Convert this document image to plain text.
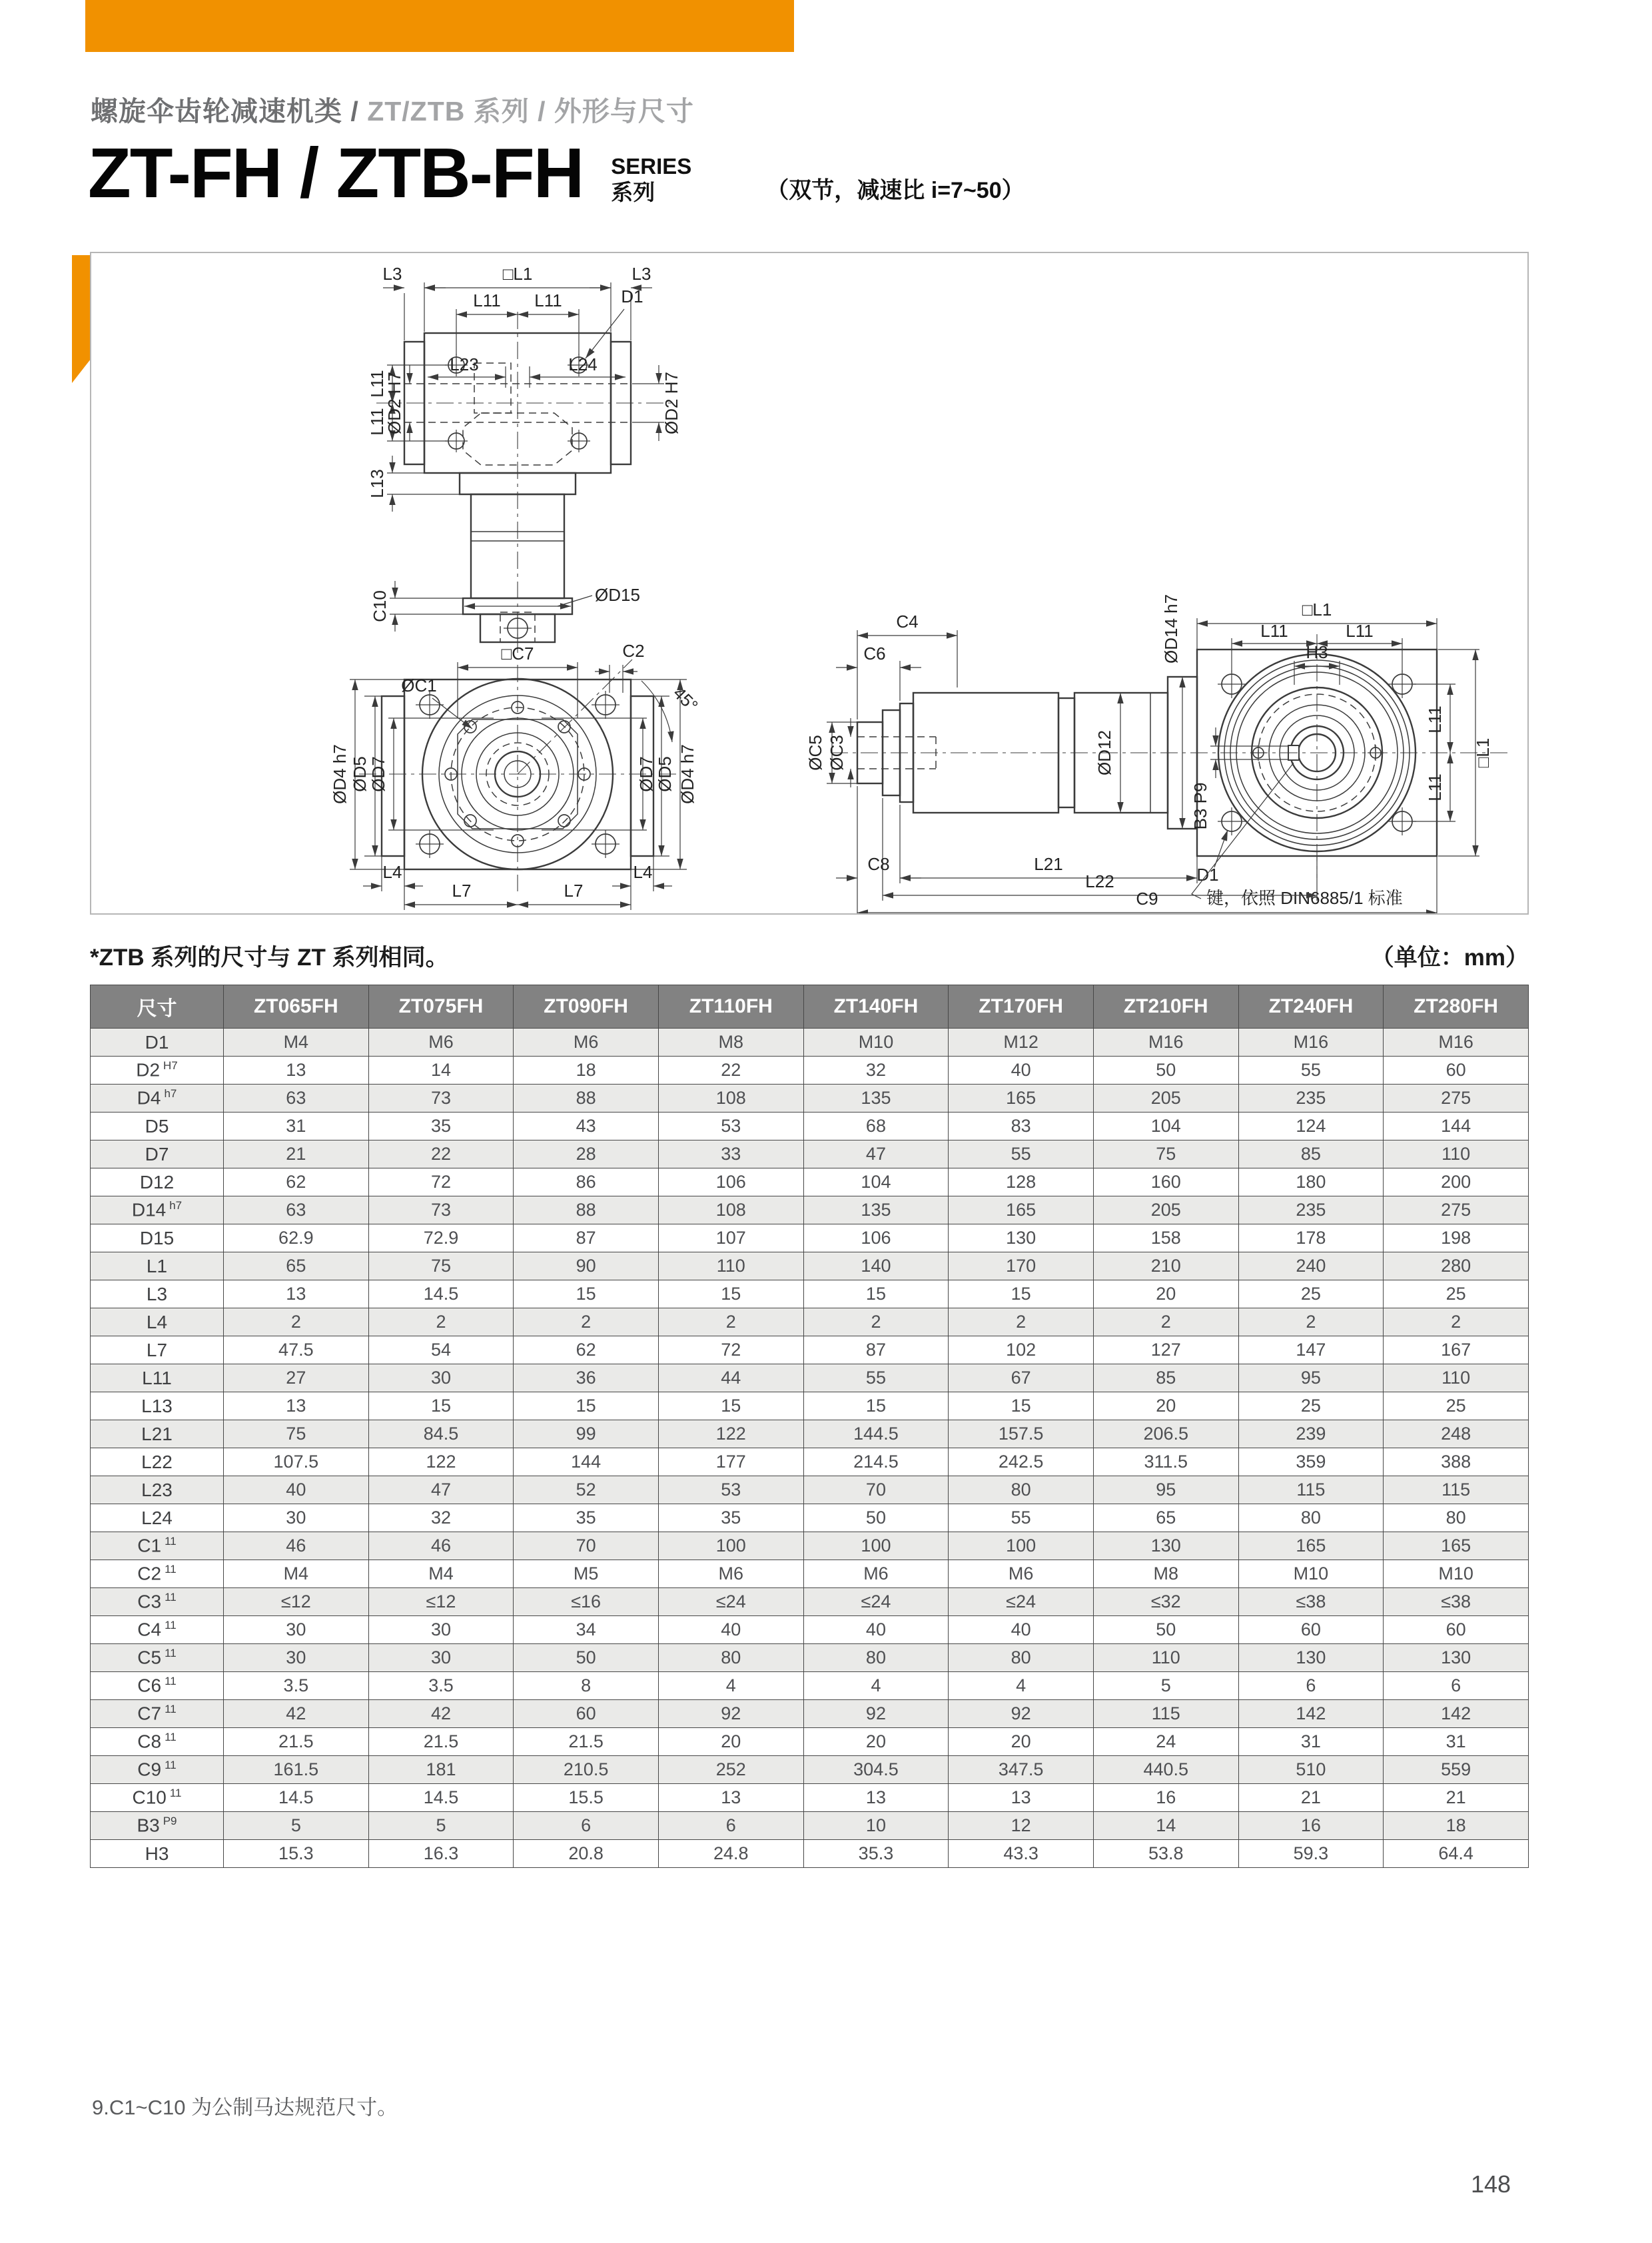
螺旋伞齿轮减速机类 / ZT/ZTB 系列 / 外形与尺寸
ZT-FH / ZTB-FH SERIES
系列	（双节，减速比 i=7~50）
L3	□L1	L3
L11 L11	D1
L23	L24
ØD2 H7
L11
L11
ØD2 H7
L13
C10	ØD15
□C7
ØC1
C2
45°
ØD4 h7 ØD5
ØD7	ØD7
ØD5 ØD4 h7
L4	L4
L7	L7
C4
C6
ØC5 ØC3
ØD14 h7
ØD12
□L1
L11	L11
H3
L11
L11
□L1
B3 P9
D1
键，依照 DIN6885/1 标准
C8	L21
L22
C9
*ZTB 系列的尺寸与 ZT 系列相同。	（单位：mm）
尺寸	ZT065FH	ZT075FH	ZT090FH	ZT110FH	ZT140FH	ZT170FH	ZT210FH	ZT240FH	ZT280FH
D1	M4	M6	M6	M8	M10	M12	M16	M16	M16
D2 $^{H7}$	13	14	18	22	32	40	50	55	60
D4 $^{h7}$	63	73	88	108	135	165	205	235	275
D5	31	35	43	53	68	83	104	124	144
D7	21	22	28	33	47	55	75	85	110
D12	62	72	86	106	104	128	160	180	200
D14 $^{h7}$	63	73	88	108	135	165	205	235	275
D15	62.9	72.9	87	107	106	130	158	178	198
L1	65	75	90	110	140	170	210	240	280
L3	13	14.5	15	15	15	15	20	25	25
L4	2	2	2	2	2	2	2	2	2
L7	47.5	54	62	72	87	102	127	147	167
L11	27	30	36	44	55	67	85	95	110
L13	13	15	15	15	15	15	20	25	25
L21	75	84.5	99	122	144.5	157.5	206.5	239	248
L22	107.5	122	144	177	214.5	242.5	311.5	359	388
L23	40	47	52	53	70	80	95	115	115
L24	30	32	35	35	50	55	65	80	80
C1 $^{11}$	46	46	70	100	100	100	130	165	165
C2 $^{11}$	M4	M4	M5	M6	M6	M6	M8	M10	M10
C3 $^{11}$	≤12	≤12	≤16	≤24	≤24	≤24	≤32	≤38	≤38
C4 $^{11}$	30	30	34	40	40	40	50	60	60
C5 $^{11}$	30	30	50	80	80	80	110	130	130
C6 $^{11}$	3.5	3.5	8	4	4	4	5	6	6
C7 $^{11}$	42	42	60	92	92	92	115	142	142
C8 $^{11}$	21.5	21.5	21.5	20	20	20	24	31	31
C9 $^{11}$	161.5	181	210.5	252	304.5	347.5	440.5	510	559
C10 $^{11}$	14.5	14.5	15.5	13	13	13	16	21	21
B3 $^{P9}$	5	5	6	6	10	12	14	16	18
H3	15.3	16.3	20.8	24.8	35.3	43.3	53.8	59.3	64.4
9.C1~C10 为公制马达规范尺寸。
148
